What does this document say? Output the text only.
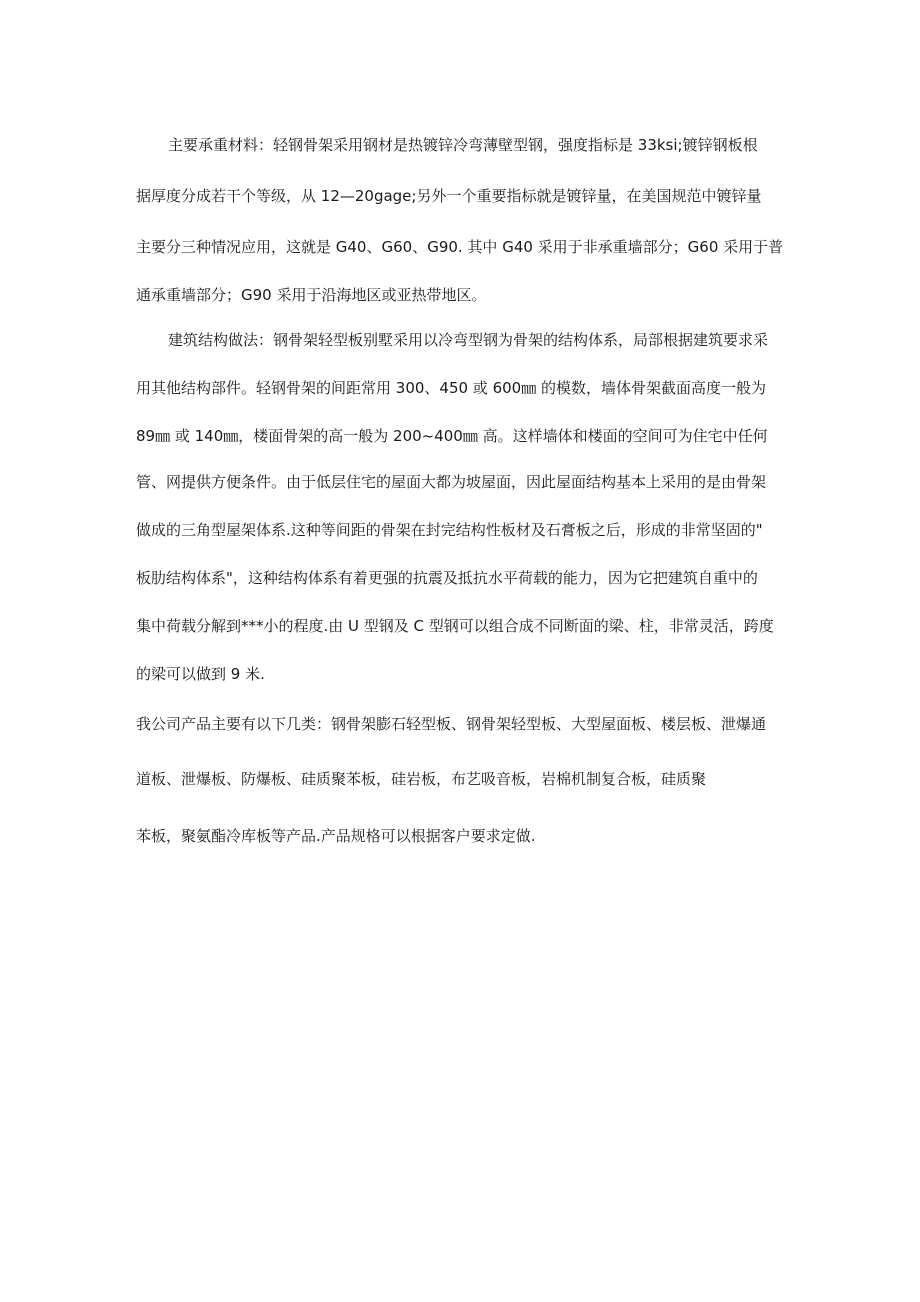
主要承重材料：轻钢骨架采用钢材是热镀锌冷弯薄壁型钢，强度指标是 33ksi;镀锌钢板根
据厚度分成若干个等级，从 12—20gage;另外一个重要指标就是镀锌量，在美国规范中镀锌量
主要分三种情况应用，这就是 G40、G60、G90. 其中 G40 采用于非承重墙部分；G60 采用于普
通承重墙部分；G90 采用于沿海地区或亚热带地区。
建筑结构做法：钢骨架轻型板别墅采用以冷弯型钢为骨架的结构体系，局部根据建筑要求采
用其他结构部件。轻钢骨架的间距常用 300、450 或 600㎜ 的模数，墙体骨架截面高度一般为
89㎜ 或 140㎜，楼面骨架的高一般为 200~400㎜ 高。这样墙体和楼面的空间可为住宅中任何
管、网提供方便条件。由于低层住宅的屋面大都为坡屋面，因此屋面结构基本上采用的是由骨架
做成的三角型屋架体系.这种等间距的骨架在封完结构性板材及石膏板之后，形成的非常坚固的"
板肋结构体系"，这种结构体系有着更强的抗震及抵抗水平荷载的能力，因为它把建筑自重中的
集中荷载分解到***小的程度.由 U 型钢及 C 型钢可以组合成不同断面的梁、柱，非常灵活，跨度
的梁可以做到 9 米.
我公司产品主要有以下几类：钢骨架膨石轻型板、钢骨架轻型板、大型屋面板、楼层板、泄爆通
道板、泄爆板、防爆板、硅质聚苯板，硅岩板，布艺吸音板，岩棉机制复合板，硅质聚
苯板，聚氨酯冷库板等产品.产品规格可以根据客户要求定做.
